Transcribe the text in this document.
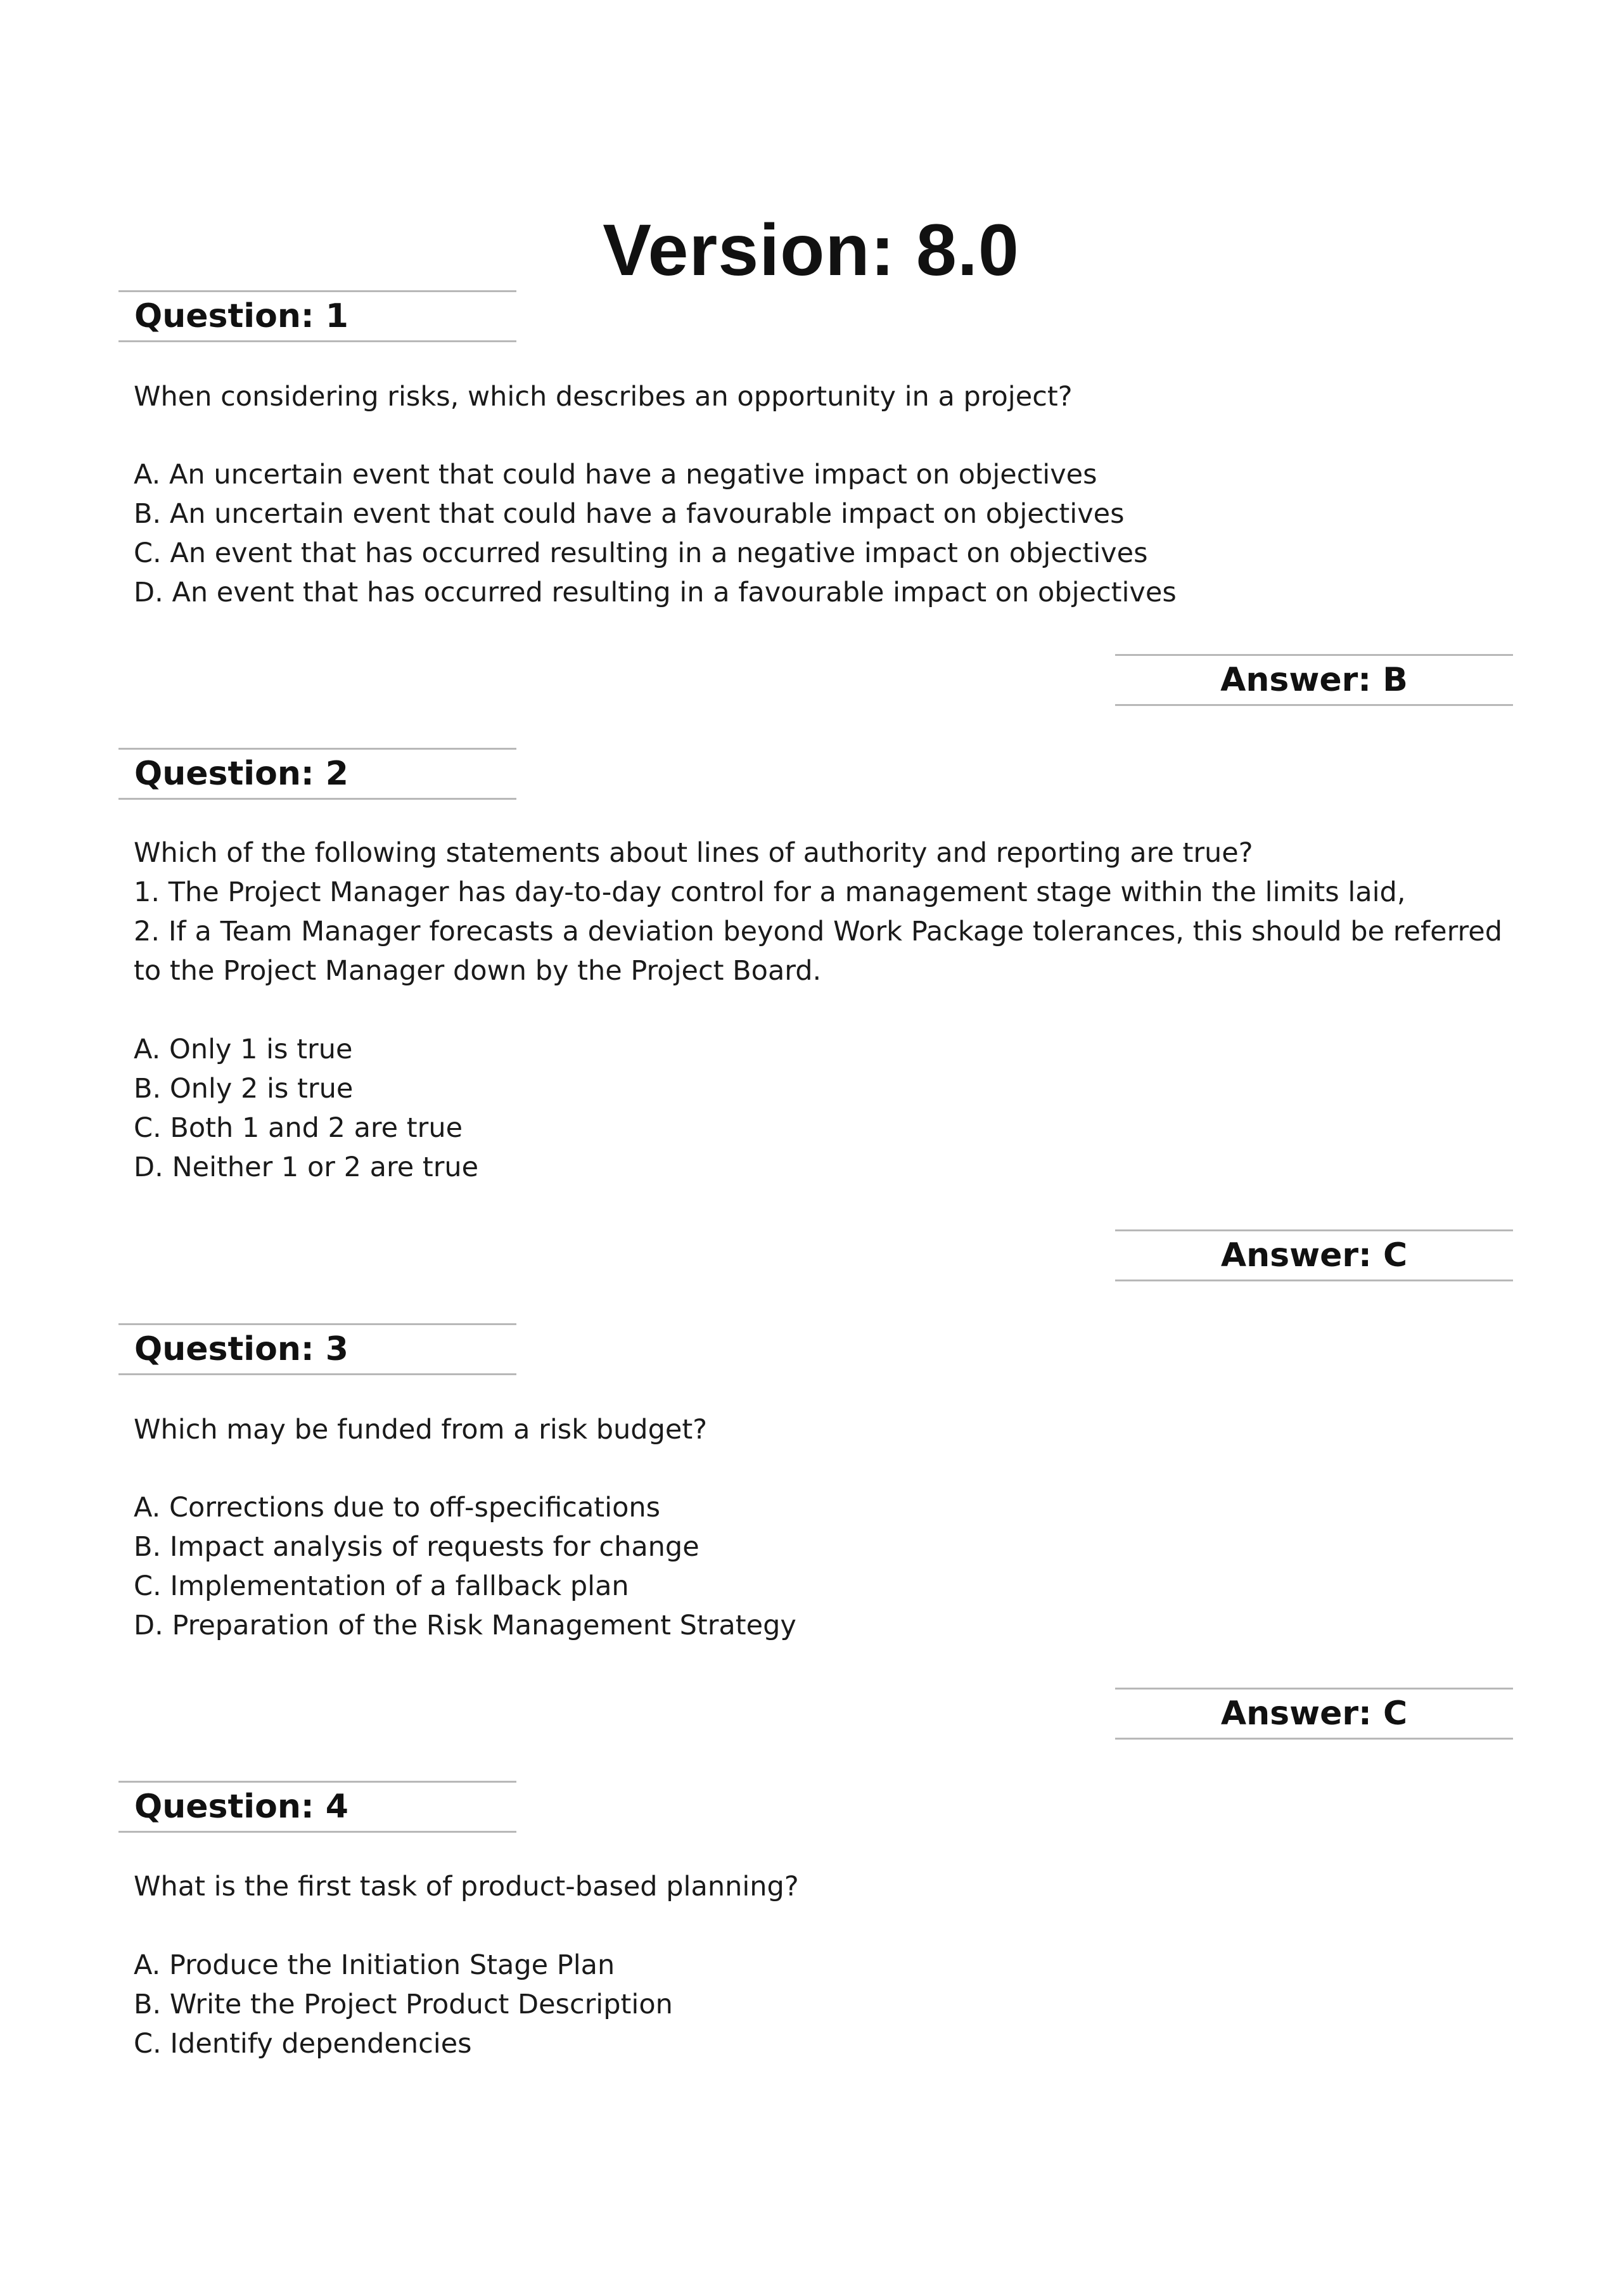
Version: 8.0
Question: 1

When considering risks, which describes an opportunity in a project?

A. An uncertain event that could have a negative impact on objectives
B. An uncertain event that could have a favourable impact on objectives
C. An event that has occurred resulting in a negative impact on objectives
D. An event that has occurred resulting in a favourable impact on objectives
Answer: B
Question: 2

Which of the following statements about lines of authority and reporting are true?

1. The Project Manager has day-to-day control for a management stage within the limits laid,

2. If a Team Manager forecasts a deviation beyond Work Package tolerances, this should be referred to the Project Manager down by the Project Board.

A. Only 1 is true
B. Only 2 is true
C. Both 1 and 2 are true
D. Neither 1 or 2 are true
Answer: C
Question: 3

Which may be funded from a risk budget?

A. Corrections due to off-specifications
B. Impact analysis of requests for change
C. Implementation of a fallback plan
D. Preparation of the Risk Management Strategy
Answer: C
Question: 4

What is the first task of product-based planning?

A. Produce the Initiation Stage Plan
B. Write the Project Product Description
C. Identify dependencies
